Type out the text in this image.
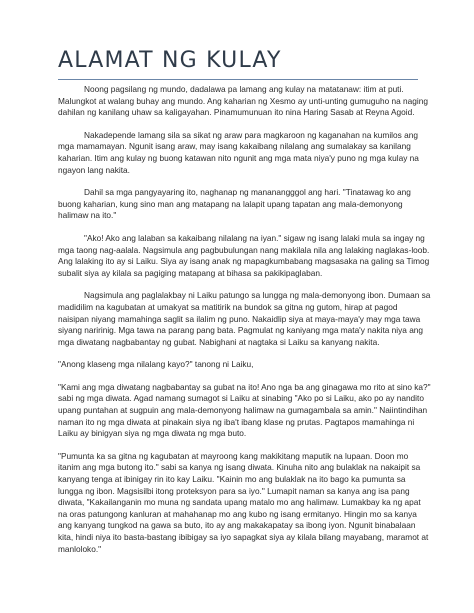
ALAMAT NG KULAY
Noong pagsilang ng mundo, dadalawa pa lamang ang kulay na matatanaw: itim at puti.
Malungkot at walang buhay ang mundo. Ang kaharian ng Xesmo ay unti-unting gumuguho na naging
dahilan ng kanilang uhaw sa kaligayahan. Pinamumunuan ito nina Haring Sasab at Reyna Agoid.
Nakadepende lamang sila sa sikat ng araw para magkaroon ng kaganahan na kumilos ang
mga mamamayan. Ngunit isang araw, may isang kakaibang nilalang ang sumalakay sa kanilang
kaharian. Itim ang kulay ng buong katawan nito ngunit ang mga mata niya'y puno ng mga kulay na
ngayon lang nakita.
Dahil sa mga pangyayaring ito, naghanap ng mananangggol ang hari. "Tinatawag ko ang
buong kaharian, kung sino man ang matapang na lalapit upang tapatan ang mala-demonyong
halimaw na ito."
"Ako! Ako ang lalaban sa kakaibang nilalang na iyan." sigaw ng isang lalaki mula sa ingay ng
mga taong nag-aalala. Nagsimula ang pagbubulungan nang makilala nila ang lalaking naglakas-loob.
Ang lalaking ito ay si Laiku. Siya ay isang anak ng mapagkumbabang magsasaka na galing sa Timog
subalit siya ay kilala sa pagiging matapang at bihasa sa pakikipaglaban.
Nagsimula ang paglalakbay ni Laiku patungo sa lungga ng mala-demonyong ibon. Dumaan sa
madidilim na kagubatan at umakyat sa matitirik na bundok sa gitna ng gutom, hirap at pagod
naisipan niyang mamahinga saglit sa ilalim ng puno. Nakaidlip siya at maya-maya'y may mga tawa
siyang naririnig. Mga tawa na parang pang bata. Pagmulat ng kaniyang mga mata'y nakita niya ang
mga diwatang nagbabantay ng gubat. Nabighani at nagtaka si Laiku sa kanyang nakita.
"Anong klaseng mga nilalang kayo?" tanong ni Laiku,
"Kami ang mga diwatang nagbabantay sa gubat na ito! Ano nga ba ang ginagawa mo rito at sino ka?"
sabi ng mga diwata. Agad namang sumagot si Laiku at sinabing "Ako po si Laiku, ako po ay nandito
upang puntahan at sugpuin ang mala-demonyong halimaw na gumagambala sa amin." Naiintindihan
naman ito ng mga diwata at pinakain siya ng iba't ibang klase ng prutas. Pagtapos mamahinga ni
Laiku ay binigyan siya ng mga diwata ng mga buto.
"Pumunta ka sa gitna ng kagubatan at mayroong kang makikitang maputik na lupaan. Doon mo
itanim ang mga butong ito." sabi sa kanya ng isang diwata. Kinuha nito ang bulaklak na nakaipit sa
kanyang tenga at ibinigay rin ito kay Laiku. "Kainin mo ang bulaklak na ito bago ka pumunta sa
lungga ng ibon. Magsisilbi itong proteksyon para sa iyo." Lumapit naman sa kanya ang isa pang
diwata, "Kakailanganin mo muna ng sandata upang matalo mo ang halimaw. Lumakbay ka ng apat
na oras patungong kanluran at mahahanap mo ang kubo ng isang ermitanyo. Hingin mo sa kanya
ang kanyang tungkod na gawa sa buto, ito ay ang makakapatay sa ibong iyon. Ngunit binabalaan
kita, hindi niya ito basta-bastang ibibigay sa iyo sapagkat siya ay kilala bilang mayabang, maramot at
manloloko."
